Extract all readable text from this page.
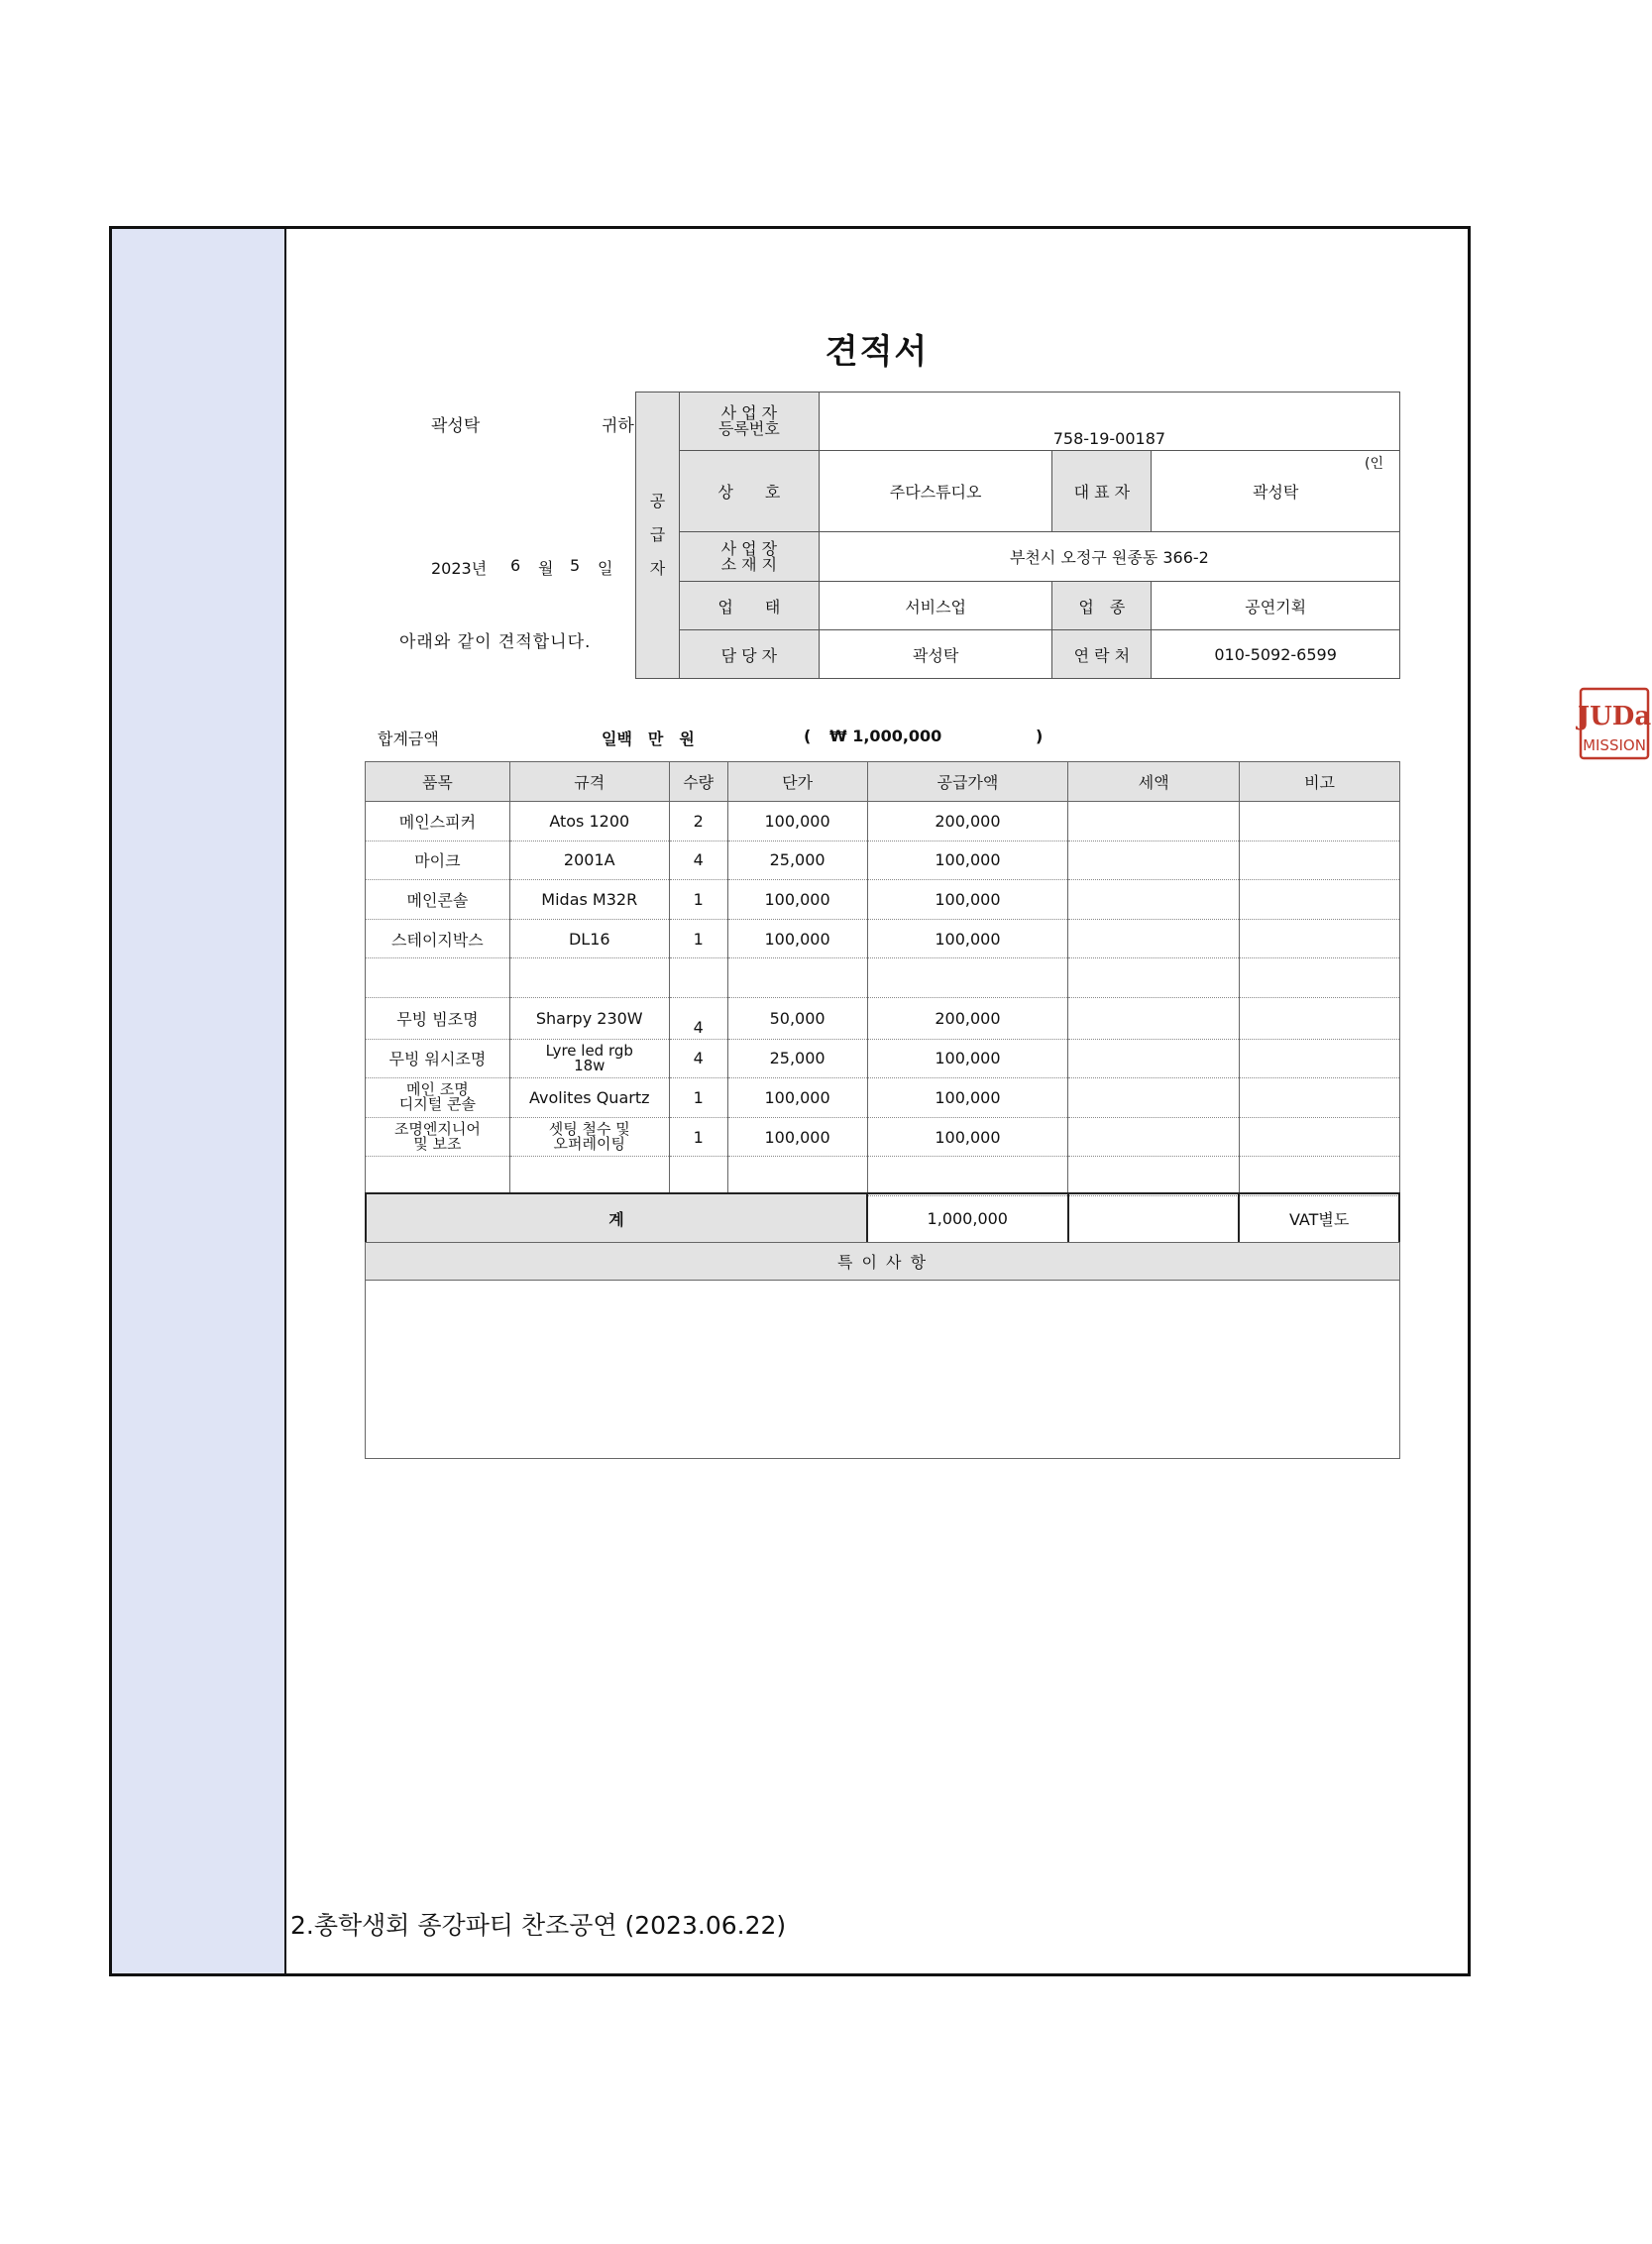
견적서
곽성탁	귀하
2023년 6 월 5 일
아래와 같이 견적합니다.
공
급
자	사 업 자
등록번호	758-19-00187		
	상　　호	주다스튜디오	대 표 자	곽성탁
(인

	사 업 장
소 재 지	부천시 오정구 원종동 366-2		
	업　　태	서비스업	업　종	공연기획
	담 당 자	곽성탁	연 락 처	010-5092-6599
합계금액	일백　만　원	( ₩ 1,000,000	)
품목	규격	수량	단가	공급가액	세액	비고
메인스피커	Atos 1200	2	100,000	200,000		
마이크	2001A	4	25,000	100,000		
메인콘솔	Midas M32R	1	100,000	100,000		
스테이지박스	DL16	1	100,000	100,000		

무빙 빔조명	Sharpy 230W	4	50,000	200,000		
무빙 워시조명	Lyre led rgb
18w	4	25,000	100,000		
메인 조명
디지털 콘솔	Avolites Quartz	1	100,000	100,000		
조명엔지니어
및 보조	셋팅 철수 및
오퍼레이팅	1	100,000	100,000		

계	1,000,000		VAT별도
특 이 사 항

JUDa
MISSION
2.총학생회 종강파티 찬조공연 (2023.06.22)
